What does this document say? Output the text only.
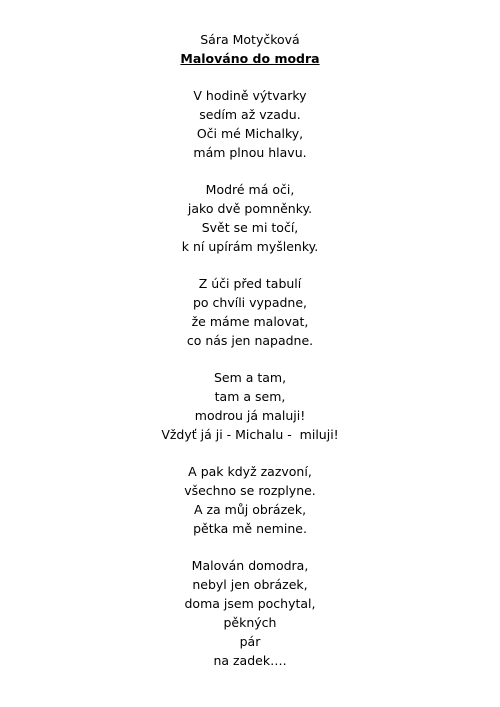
Sára Motyčková
Malováno do modra
V hodině výtvarky
sedím až vzadu.
Oči mé Michalky,
mám plnou hlavu.
Modré má oči,
jako dvě pomněnky.
Svět se mi točí,
k ní upírám myšlenky.
Z úči před tabulí
po chvíli vypadne,
že máme malovat,
co nás jen napadne.
Sem a tam,
tam a sem,
modrou já maluji!
Vždyť já ji - Michalu -  miluji!
A pak když zazvoní,
všechno se rozplyne.
A za můj obrázek,
pětka mě nemine.
Malován domodra,
nebyl jen obrázek,
doma jsem pochytal,
pěkných
pár
na zadek….
